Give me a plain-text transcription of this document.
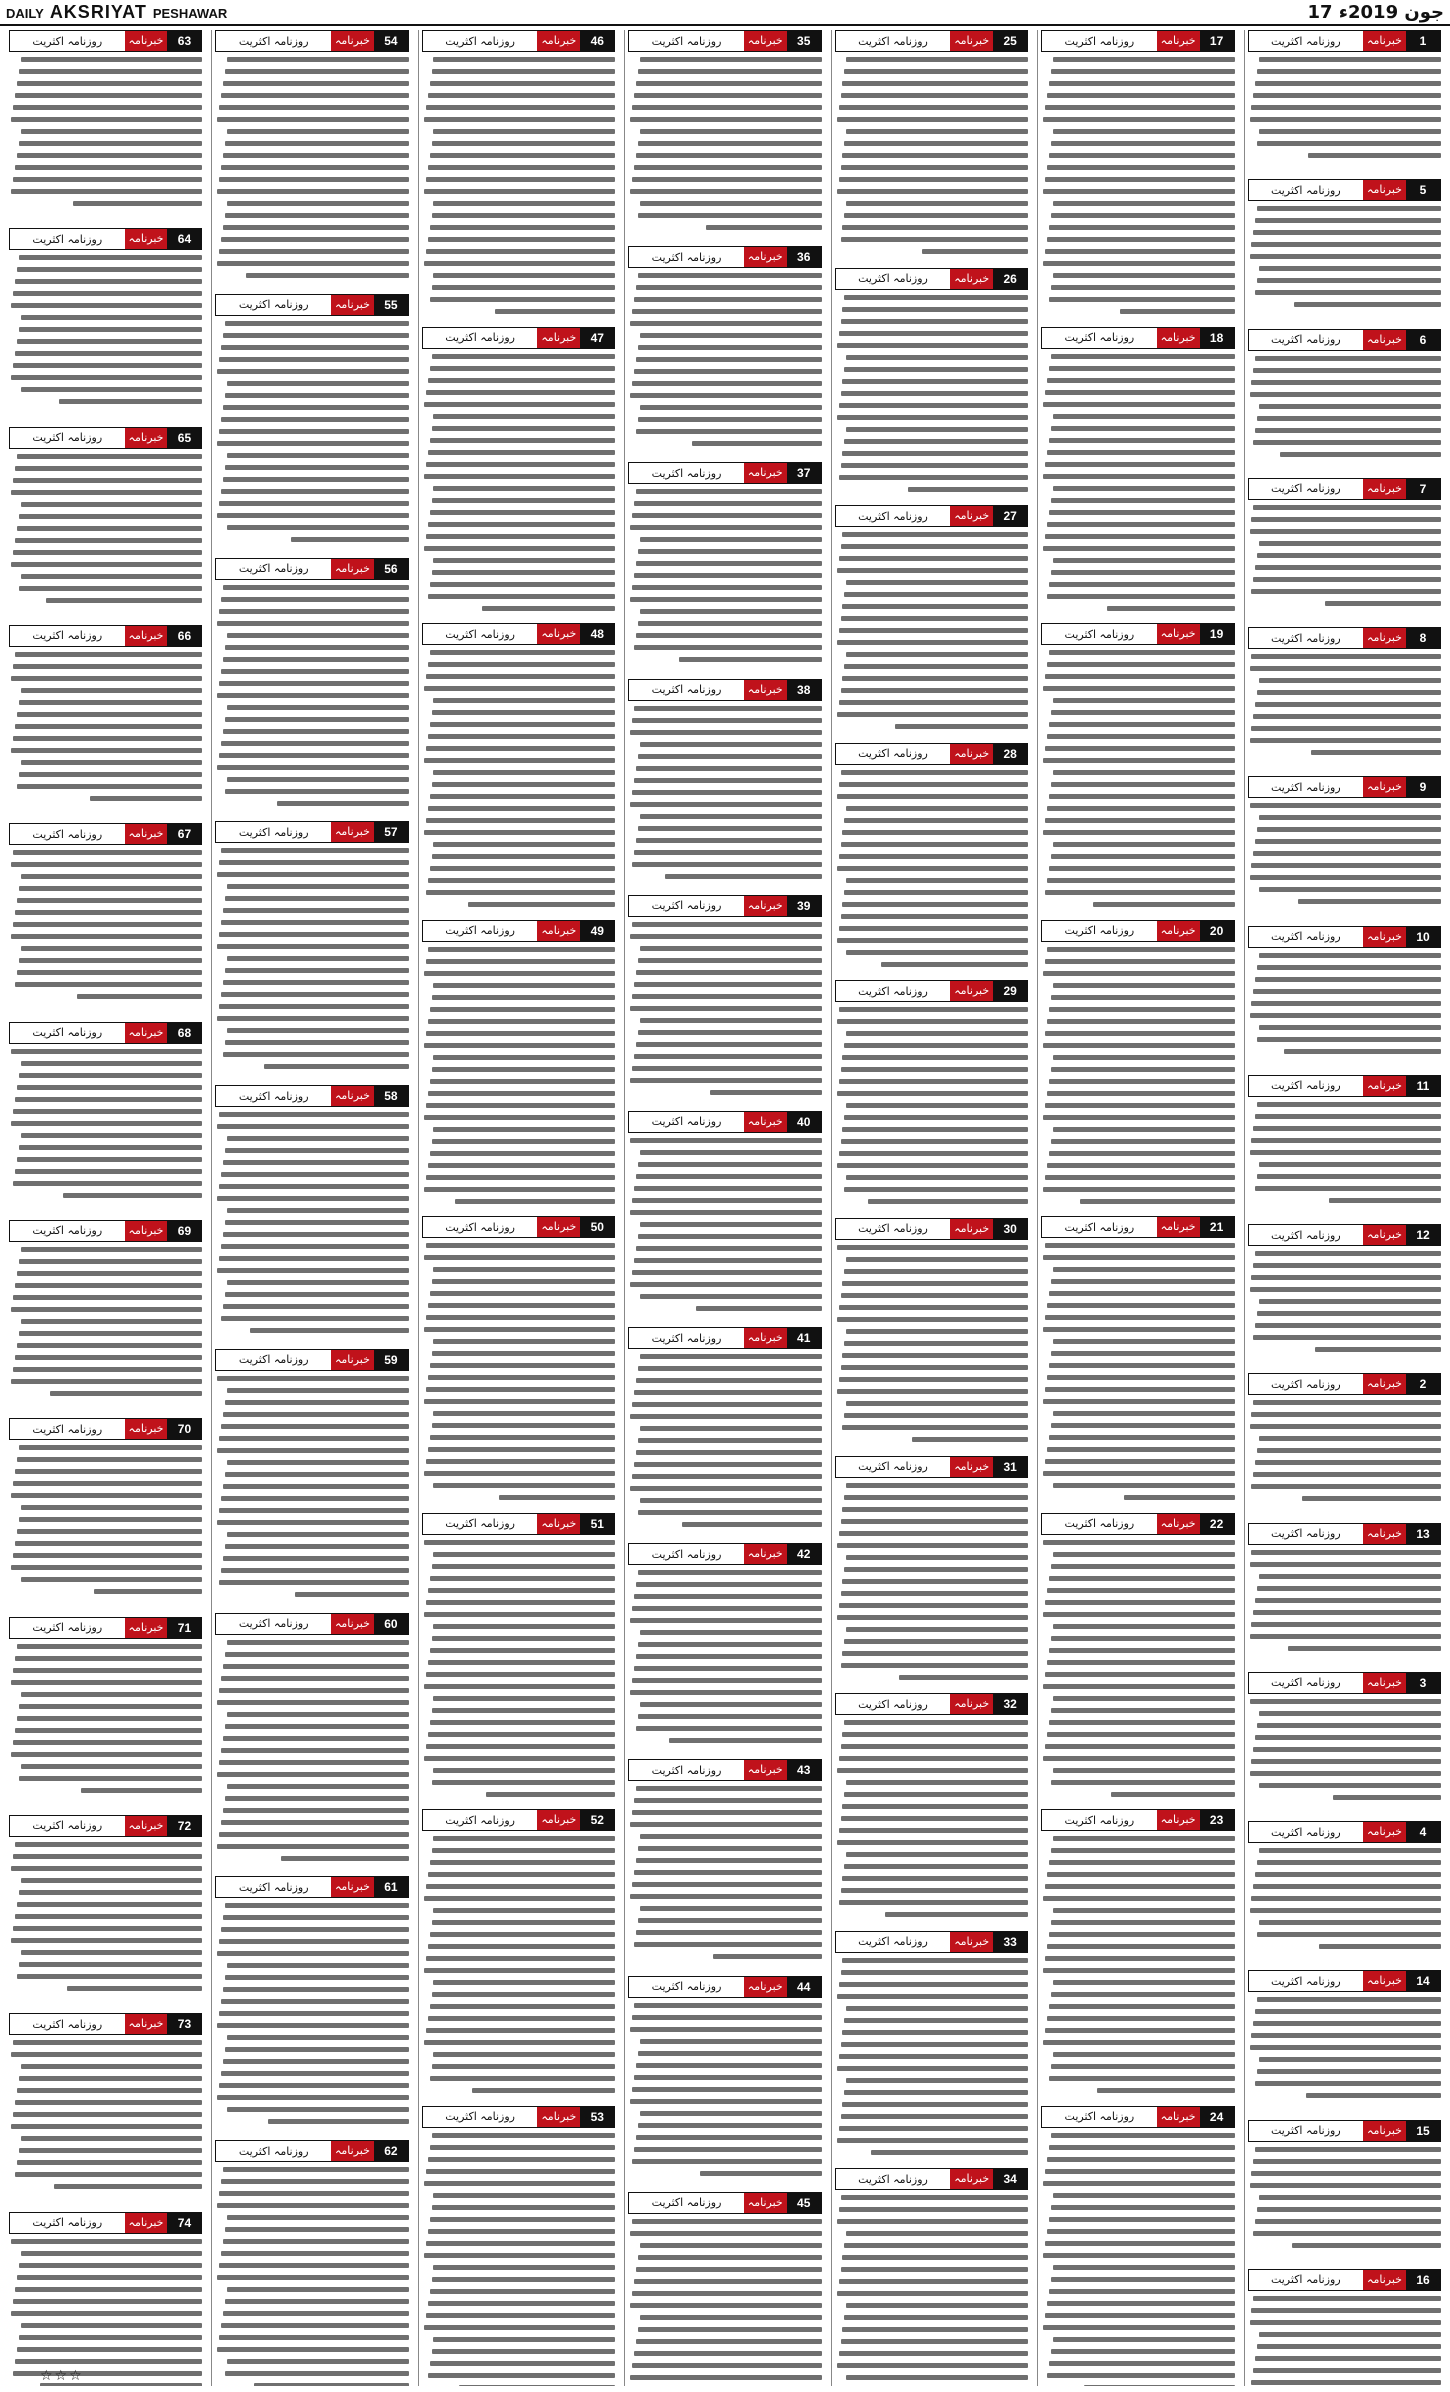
DAILY AKSRIYAT PESHAWAR	17 جون 2019ء
1
خبرنامہ
روزنامہ اکثریت
5
خبرنامہ
روزنامہ اکثریت
6
خبرنامہ
روزنامہ اکثریت
7
خبرنامہ
روزنامہ اکثریت
8
خبرنامہ
روزنامہ اکثریت
9
خبرنامہ
روزنامہ اکثریت
10
خبرنامہ
روزنامہ اکثریت
11
خبرنامہ
روزنامہ اکثریت
12
خبرنامہ
روزنامہ اکثریت
2
خبرنامہ
روزنامہ اکثریت
13
خبرنامہ
روزنامہ اکثریت
3
خبرنامہ
روزنامہ اکثریت
4
خبرنامہ
روزنامہ اکثریت
14
خبرنامہ
روزنامہ اکثریت
15
خبرنامہ
روزنامہ اکثریت
16
خبرنامہ
روزنامہ اکثریت
17
خبرنامہ
روزنامہ اکثریت
18
خبرنامہ
روزنامہ اکثریت
19
خبرنامہ
روزنامہ اکثریت
20
خبرنامہ
روزنامہ اکثریت
21
خبرنامہ
روزنامہ اکثریت
22
خبرنامہ
روزنامہ اکثریت
23
خبرنامہ
روزنامہ اکثریت
24
خبرنامہ
روزنامہ اکثریت
25
خبرنامہ
روزنامہ اکثریت
26
خبرنامہ
روزنامہ اکثریت
27
خبرنامہ
روزنامہ اکثریت
28
خبرنامہ
روزنامہ اکثریت
29
خبرنامہ
روزنامہ اکثریت
30
خبرنامہ
روزنامہ اکثریت
31
خبرنامہ
روزنامہ اکثریت
32
خبرنامہ
روزنامہ اکثریت
33
خبرنامہ
روزنامہ اکثریت
34
خبرنامہ
روزنامہ اکثریت
35
خبرنامہ
روزنامہ اکثریت
36
خبرنامہ
روزنامہ اکثریت
37
خبرنامہ
روزنامہ اکثریت
38
خبرنامہ
روزنامہ اکثریت
39
خبرنامہ
روزنامہ اکثریت
40
خبرنامہ
روزنامہ اکثریت
41
خبرنامہ
روزنامہ اکثریت
42
خبرنامہ
روزنامہ اکثریت
43
خبرنامہ
روزنامہ اکثریت
44
خبرنامہ
روزنامہ اکثریت
45
خبرنامہ
روزنامہ اکثریت
46
خبرنامہ
روزنامہ اکثریت
47
خبرنامہ
روزنامہ اکثریت
48
خبرنامہ
روزنامہ اکثریت
49
خبرنامہ
روزنامہ اکثریت
50
خبرنامہ
روزنامہ اکثریت
51
خبرنامہ
روزنامہ اکثریت
52
خبرنامہ
روزنامہ اکثریت
53
خبرنامہ
روزنامہ اکثریت
54
خبرنامہ
روزنامہ اکثریت
55
خبرنامہ
روزنامہ اکثریت
56
خبرنامہ
روزنامہ اکثریت
57
خبرنامہ
روزنامہ اکثریت
58
خبرنامہ
روزنامہ اکثریت
59
خبرنامہ
روزنامہ اکثریت
60
خبرنامہ
روزنامہ اکثریت
61
خبرنامہ
روزنامہ اکثریت
62
خبرنامہ
روزنامہ اکثریت
63
خبرنامہ
روزنامہ اکثریت
64
خبرنامہ
روزنامہ اکثریت
65
خبرنامہ
روزنامہ اکثریت
66
خبرنامہ
روزنامہ اکثریت
67
خبرنامہ
روزنامہ اکثریت
68
خبرنامہ
روزنامہ اکثریت
69
خبرنامہ
روزنامہ اکثریت
70
خبرنامہ
روزنامہ اکثریت
71
خبرنامہ
روزنامہ اکثریت
72
خبرنامہ
روزنامہ اکثریت
73
خبرنامہ
روزنامہ اکثریت
74
خبرنامہ
روزنامہ اکثریت
☆☆☆
